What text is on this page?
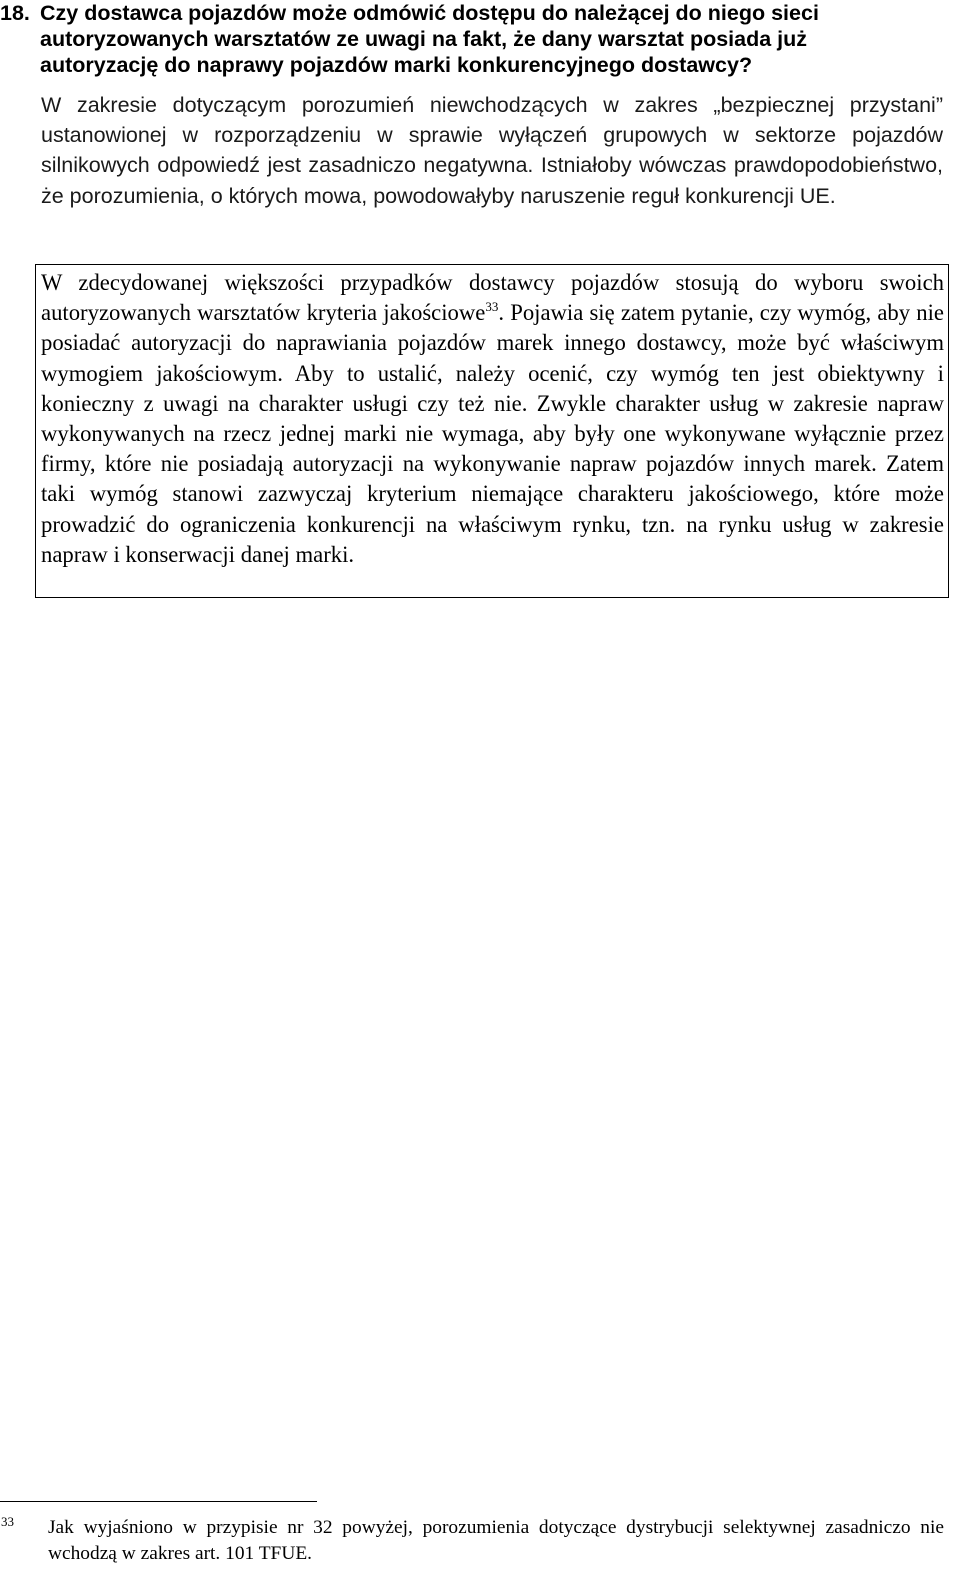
18. Czy dostawca pojazdów może odmówić dostępu do należącej do niego sieci autoryzowanych warsztatów ze uwagi na fakt, że dany warsztat posiada już autoryzację do naprawy pojazdów marki konkurencyjnego dostawcy?

W zakresie dotyczącym porozumień niewchodzących w zakres „bezpiecznej przystani” ustanowionej w rozporządzeniu w sprawie wyłączeń grupowych w sektorze pojazdów silnikowych odpowiedź jest zasadniczo negatywna. Istniałoby wówczas prawdopodobieństwo, że porozumienia, o których mowa, powodowałyby naruszenie reguł konkurencji UE.

W zdecydowanej większości przypadków dostawcy pojazdów stosują do wyboru swoich autoryzowanych warsztatów kryteria jakościowe$^{33}$. Pojawia się zatem pytanie, czy wymóg, aby nie posiadać autoryzacji do naprawiania pojazdów marek innego dostawcy, może być właściwym wymogiem jakościowym. Aby to ustalić, należy ocenić, czy wymóg ten jest obiektywny i konieczny z uwagi na charakter usługi czy też nie. Zwykle charakter usług w zakresie napraw wykonywanych na rzecz jednej marki nie wymaga, aby były one wykonywane wyłącznie przez firmy, które nie posiadają autoryzacji na wykonywanie napraw pojazdów innych marek. Zatem taki wymóg stanowi zazwyczaj kryterium niemające charakteru jakościowego, które może prowadzić do ograniczenia konkurencji na właściwym rynku, tzn. na rynku usług w zakresie napraw i konserwacji danej marki.

33 Jak wyjaśniono w przypisie nr 32 powyżej, porozumienia dotyczące dystrybucji selektywnej zasadniczo nie wchodzą w zakres art. 101 TFUE.
